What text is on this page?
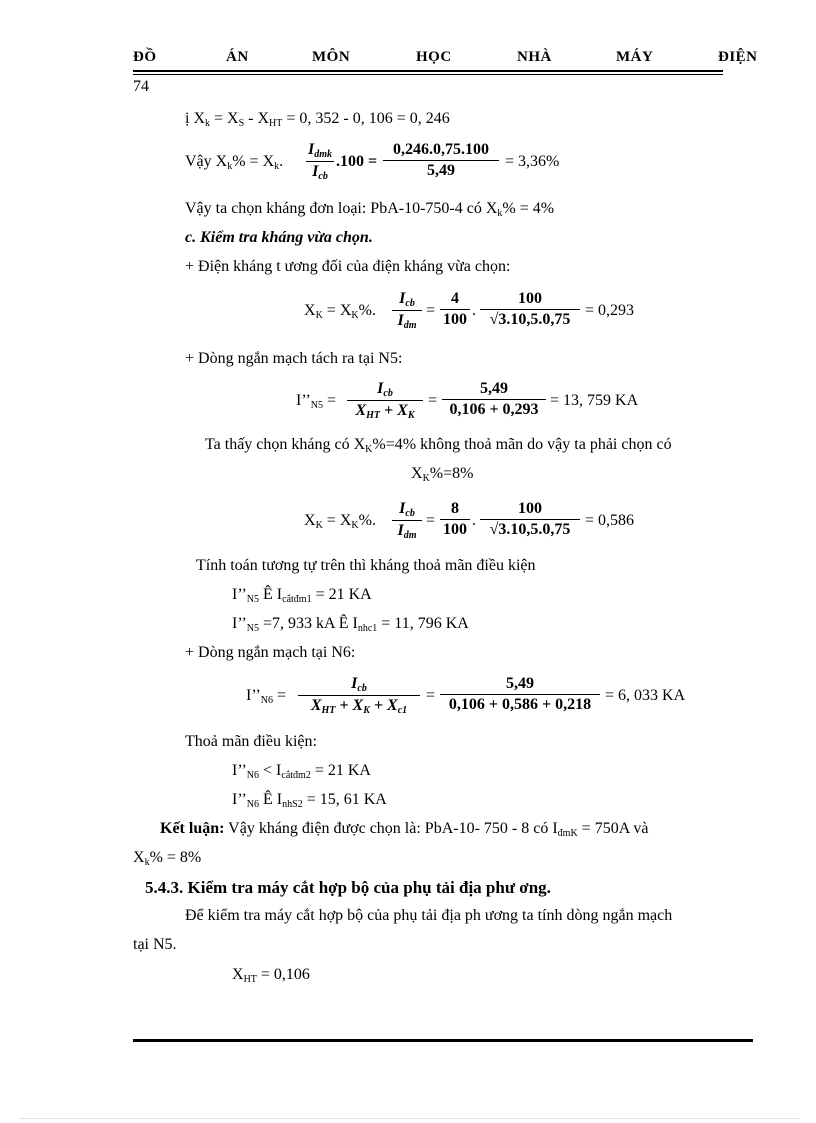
ĐỒ	ÁN	MÔN	HỌC	NHÀ	MÁY	ĐIỆN
74
ị $X_k = X_S - X_{HT} = 0$, 352 - 0, 106 = 0, 246
Vậy $X_k\% = X_k$.
$I_{dmk}$
$I_{cb}$
$.100 = \frac{0,246.0,75.100}{5,49} = 3,36\%$
Vậy ta chọn kháng đơn loại: PbA-10-750-4 có $X_k\% = 4\%$
c. Kiểm tra kháng vừa chọn.
+ Điện kháng t ương đối của điện kháng vừa chọn:
$X_K = X_K\%$.
$I_{cb}$
$I_{dm}$
= $\frac{4}{100}$ . $\frac{100}{√3.10,5.0,75} = 0,293$
+ Dòng ngắn mạch tách ra tại N5:
$I’’_{N5}$ =
$I_{cb}$
$X_{HT} + X_K$
= $\frac{5,49}{0,106 + 0,293} = 13$, 759 KA
Ta thấy chọn kháng có $X_K\%=4\%$ không thoả mãn do vậy ta phải chọn có
$X_K\%=8\%$
$X_K = X_K\%$.
$I_{cb}$
$I_{dm}$
= $\frac{8}{100}$ . $\frac{100}{√3.10,5.0,75} = 0,586$
Tính toán tương tự trên thì kháng thoả mãn điều kiện
$I’’_{N5}$ Ê $I_{cắtđm1} = 21$ KA
$I’’_{N5} =7$, 933 kA Ê $I_{nhc1} = 11$, 796 KA
+ Dòng ngắn mạch tại N6:
$I’’_{N6}$ =
$I_{cb}$
$X_{HT} + X_K + X_{c1}$
= $\frac{5,49}{0,106 + 0,586 + 0,218} = 6$, 033 KA
Thoả mãn điều kiện:
$I’’_{N6} < I_{cắtđm2} = 21$ KA
$I’’_{N6}$ Ê $I_{nhS2} = 15$, 61 KA
Kết luận: Vậy kháng điện được chọn là: PbA-10- 750 - 8 có $I_{đmK} = 750A$ và
$X_k\% = 8\%$
5.4.3. Kiểm tra máy cắt hợp bộ của phụ tải địa phư ơng.
Để kiểm tra máy cắt hợp bộ của phụ tải địa ph ương ta tính dòng ngắn mạch
tại N5.
$X_{HT} = 0,106$
